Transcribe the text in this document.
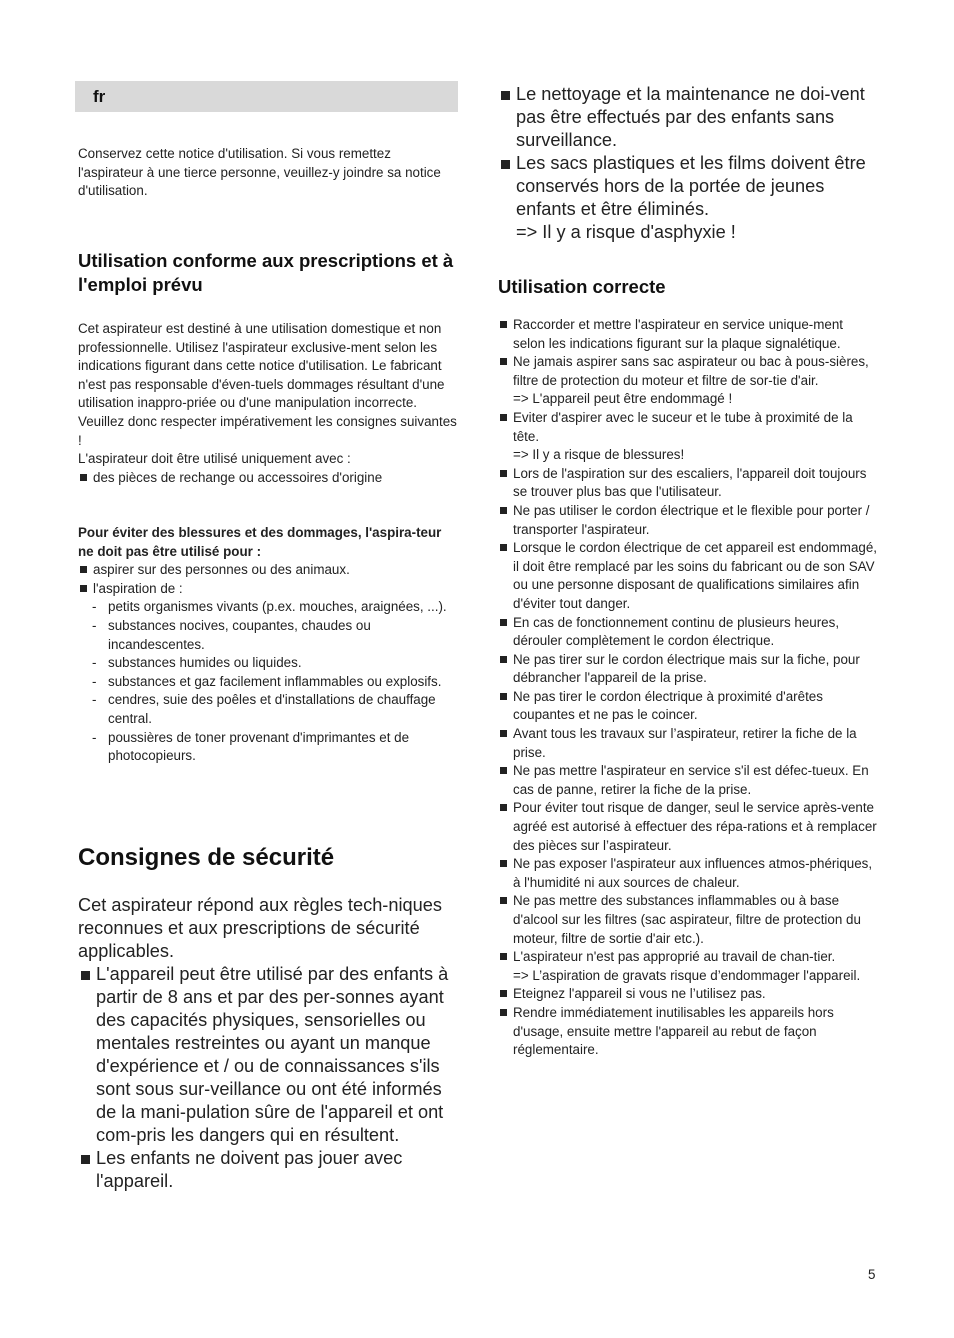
fr

Conservez cette notice d'utilisation. Si vous remettez l'aspirateur à une tierce personne, veuillez-y joindre sa notice d'utilisation.

Utilisation conforme aux prescriptions et à l'emploi prévu

Cet aspirateur est destiné à une utilisation domestique et non professionnelle. Utilisez l'aspirateur exclusive-ment selon les indications figurant dans cette notice d'utilisation. Le fabricant n'est pas responsable d'éven-tuels dommages résultant d'une utilisation inappro-priée ou d'une manipulation incorrecte.

Veuillez donc respecter impérativement les consignes suivantes !

L'aspirateur doit être utilisé uniquement avec :

des pièces de rechange ou accessoires d'origine

Pour éviter des blessures et des dommages, l'aspira-teur ne doit pas être utilisé pour :

aspirer sur des personnes ou des animaux.
l'aspiration de :
- petits organismes vivants (p.ex. mouches, araignées, ...).
- substances nocives, coupantes, chaudes ou incandescentes.
- substances humides ou liquides.
- substances et gaz facilement inflammables ou explosifs.
- cendres, suie des poêles et d'installations de chauffage central.
- poussières de toner provenant d'imprimantes et de photocopieurs.
Consignes de sécurité

Cet aspirateur répond aux règles tech-niques reconnues et aux prescriptions de sécurité applicables.

L'appareil peut être utilisé par des enfants à partir de 8 ans et par des per-sonnes ayant des capacités physiques, sensorielles ou mentales restreintes ou ayant un manque d'expérience et / ou de connaissances s'ils sont sous sur-veillance ou ont été informés de la mani-pulation sûre de l'appareil et ont com-pris les dangers qui en résultent.
Les enfants ne doivent pas jouer avec l'appareil.
Le nettoyage et la maintenance ne doi-vent pas être effectués par des enfants sans surveillance.
Les sacs plastiques et les films doivent être conservés hors de la portée de jeunes enfants et être éliminés.
=> Il y a risque d'asphyxie !
Utilisation correcte
Raccorder et mettre l'aspirateur en service unique-ment selon les indications figurant sur la plaque signalétique.
Ne jamais aspirer sans sac aspirateur ou bac à pous-sières, filtre de protection du moteur et filtre de sor-tie d'air.
=> L'appareil peut être endommagé !
Eviter d'aspirer avec le suceur et le tube à proximité de la tête.
=> Il y a risque de blessures!
Lors de l'aspiration sur des escaliers, l'appareil doit toujours se trouver plus bas que l'utilisateur.
Ne pas utiliser le cordon électrique et le flexible pour porter / transporter l'aspirateur.
Lorsque le cordon électrique de cet appareil est endommagé, il doit être remplacé par les soins du fabricant ou de son SAV ou une personne disposant de qualifications similaires afin d'éviter tout danger.
En cas de fonctionnement continu de plusieurs heures, dérouler complètement le cordon électrique.
Ne pas tirer sur le cordon électrique mais sur la fiche, pour débrancher l'appareil de la prise.
Ne pas tirer le cordon électrique à proximité d'arêtes coupantes et ne pas le coincer.
Avant tous les travaux sur l’aspirateur, retirer la fiche de la prise.
Ne pas mettre l'aspirateur en service s'il est défec-tueux. En cas de panne, retirer la fiche de la prise.
Pour éviter tout risque de danger, seul le service après-vente agréé est autorisé à effectuer des répa-rations et à remplacer des pièces sur l’aspirateur.
Ne pas exposer l'aspirateur aux influences atmos-phériques, à l'humidité ni aux sources de chaleur.
Ne pas mettre des substances inflammables ou à base d'alcool sur les filtres (sac aspirateur, filtre de protection du moteur, filtre de sortie d'air etc.).
L'aspirateur n'est pas approprié au travail de chan-tier.
=> L’aspiration de gravats risque d’endommager l'appareil.
Eteignez l'appareil si vous ne l’utilisez pas.
Rendre immédiatement inutilisables les appareils hors d'usage, ensuite mettre l'appareil au rebut de façon réglementaire.
5
